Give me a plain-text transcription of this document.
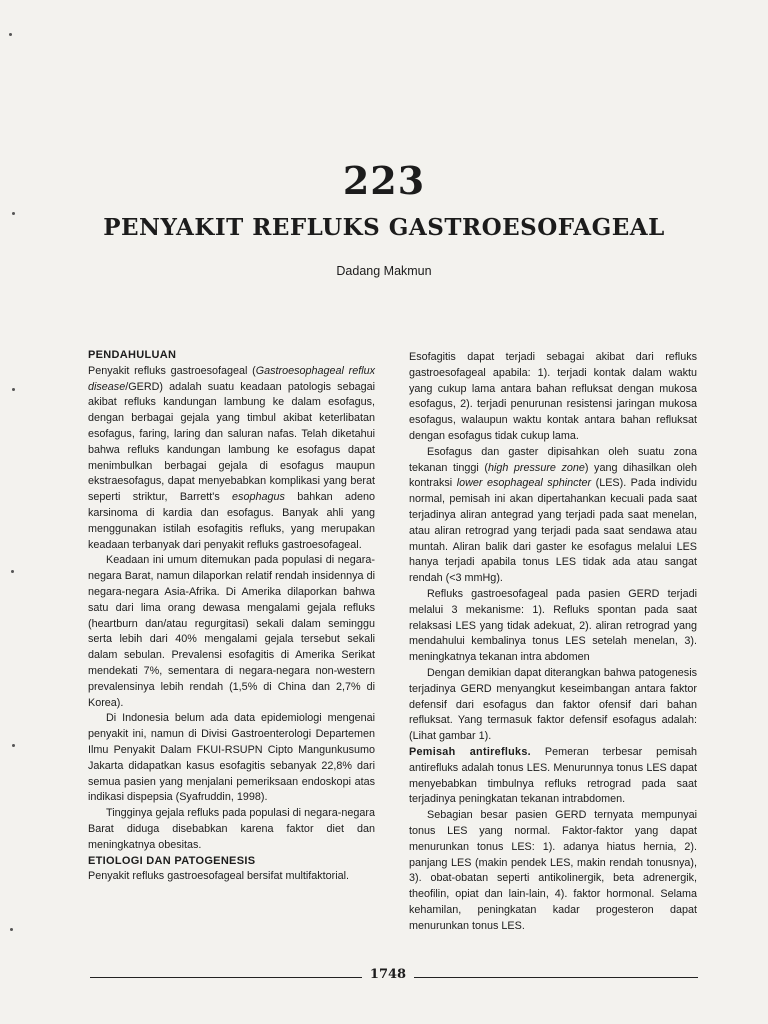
223
PENYAKIT REFLUKS GASTROESOFAGEAL
Dadang Makmun

PENDAHULUAN

Penyakit refluks gastroesofageal (Gastroesophageal reflux disease/GERD) adalah suatu keadaan patologis sebagai akibat refluks kandungan lambung ke dalam esofagus, dengan berbagai gejala yang timbul akibat keterlibatan esofagus, faring, laring dan saluran nafas. Telah diketahui bahwa refluks kandungan lambung ke esofagus dapat menimbulkan berbagai gejala di esofagus maupun ekstraesofagus, dapat menyebabkan komplikasi yang berat seperti striktur, Barrett's esophagus bahkan adeno karsinoma di kardia dan esofagus. Banyak ahli yang menggunakan istilah esofagitis refluks, yang merupakan keadaan terbanyak dari penyakit refluks gastroesofageal.

Keadaan ini umum ditemukan pada populasi di negara-negara Barat, namun dilaporkan relatif rendah insidennya di negara-negara Asia-Afrika. Di Amerika dilaporkan bahwa satu dari lima orang dewasa mengalami gejala refluks (heartburn dan/atau regurgitasi) sekali dalam seminggu serta lebih dari 40% mengalami gejala tersebut sekali dalam sebulan. Prevalensi esofagitis di Amerika Serikat mendekati 7%, sementara di negara-negara non-western prevalensinya lebih rendah (1,5% di China dan 2,7% di Korea).

Di Indonesia belum ada data epidemiologi mengenai penyakit ini, namun di Divisi Gastroenterologi Departemen Ilmu Penyakit Dalam FKUI-RSUPN Cipto Mangunkusumo Jakarta didapatkan kasus esofagitis sebanyak 22,8% dari semua pasien yang menjalani pemeriksaan endoskopi atas indikasi dispepsia (Syafruddin, 1998).

Tingginya gejala refluks pada populasi di negara-negara Barat diduga disebabkan karena faktor diet dan meningkatnya obesitas.

ETIOLOGI DAN PATOGENESIS

Penyakit refluks gastroesofageal bersifat multifaktorial.

Esofagitis dapat terjadi sebagai akibat dari refluks gastroesofageal apabila: 1). terjadi kontak dalam waktu yang cukup lama antara bahan refluksat dengan mukosa esofagus, 2). terjadi penurunan resistensi jaringan mukosa esofagus, walaupun waktu kontak antara bahan refluksat dengan esofagus tidak cukup lama.

Esofagus dan gaster dipisahkan oleh suatu zona tekanan tinggi (high pressure zone) yang dihasilkan oleh kontraksi lower esophageal sphincter (LES). Pada individu normal, pemisah ini akan dipertahankan kecuali pada saat terjadinya aliran antegrad yang terjadi pada saat menelan, atau aliran retrograd yang terjadi pada saat sendawa atau muntah. Aliran balik dari gaster ke esofagus melalui LES hanya terjadi apabila tonus LES tidak ada atau sangat rendah (<3 mmHg).

Refluks gastroesofageal pada pasien GERD terjadi melalui 3 mekanisme: 1). Refluks spontan pada saat relaksasi LES yang tidak adekuat, 2). aliran retrograd yang mendahului kembalinya tonus LES setelah menelan, 3). meningkatnya tekanan intra abdomen

Dengan demikian dapat diterangkan bahwa patogenesis terjadinya GERD menyangkut keseimbangan antara faktor defensif dari esofagus dan faktor ofensif dari bahan refluksat. Yang termasuk faktor defensif esofagus adalah: (Lihat gambar 1).

Pemisah antirefluks. Pemeran terbesar pemisah antirefluks adalah tonus LES. Menurunnya tonus LES dapat menyebabkan timbulnya refluks retrograd pada saat terjadinya peningkatan tekanan intrabdomen.

Sebagian besar pasien GERD ternyata mempunyai tonus LES yang normal. Faktor-faktor yang dapat menurunkan tonus LES: 1). adanya hiatus hernia, 2). panjang LES (makin pendek LES, makin rendah tonusnya), 3). obat-obatan seperti antikolinergik, beta adrenergik, theofilin, opiat dan lain-lain, 4). faktor hormonal. Selama kehamilan, peningkatan kadar progesteron dapat menurunkan tonus LES.

1748
